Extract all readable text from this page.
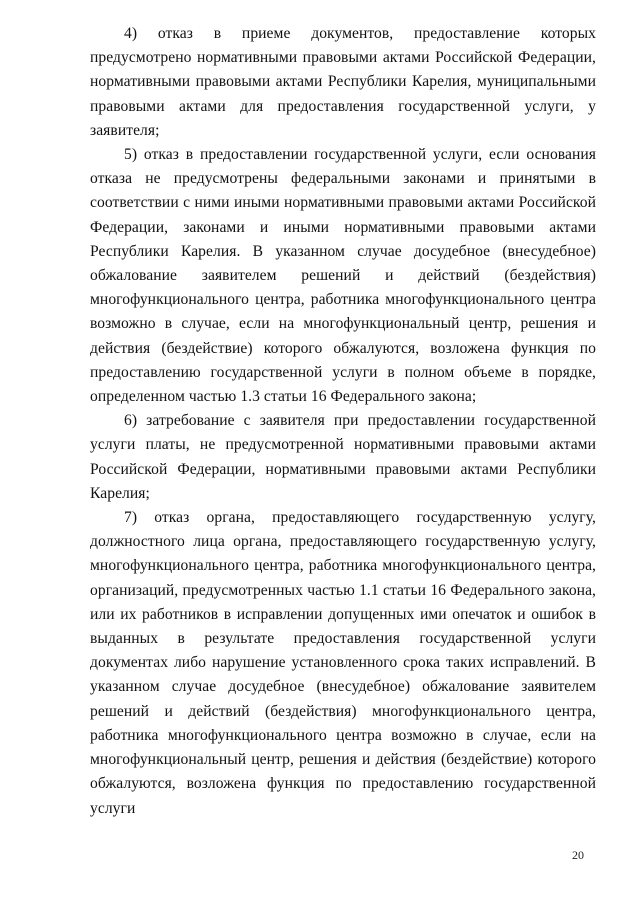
4) отказ в приеме документов, предоставление которых предусмотрено нормативными правовыми актами Российской Федерации, нормативными правовыми актами Республики Карелия, муниципальными правовыми актами для предоставления государственной услуги, у заявителя;

5) отказ в предоставлении государственной услуги, если основания отказа не предусмотрены федеральными законами и принятыми в соответствии с ними иными нормативными правовыми актами Российской Федерации, законами и иными нормативными правовыми актами Республики Карелия. В указанном случае досудебное (внесудебное) обжалование заявителем решений и действий (бездействия) многофункционального центра, работника многофункционального центра возможно в случае, если на многофункциональный центр, решения и действия (бездействие) которого обжалуются, возложена функция по предоставлению государственной услуги в полном объеме в порядке, определенном частью 1.3 статьи 16 Федерального закона;

6) затребование с заявителя при предоставлении государственной услуги платы, не предусмотренной нормативными правовыми актами Российской Федерации, нормативными правовыми актами Республики Карелия;

7) отказ органа, предоставляющего государственную услугу, должностного лица органа, предоставляющего государственную услугу, многофункционального центра, работника многофункционального центра, организаций, предусмотренных частью 1.1 статьи 16 Федерального закона, или их работников в исправлении допущенных ими опечаток и ошибок в выданных в результате предоставления государственной услуги документах либо нарушение установленного срока таких исправлений. В указанном случае досудебное (внесудебное) обжалование заявителем решений и действий (бездействия) многофункционального центра, работника многофункционального центра возможно в случае, если на многофункциональный центр, решения и действия (бездействие) которого обжалуются, возложена функция по предоставлению государственной услуги

20
